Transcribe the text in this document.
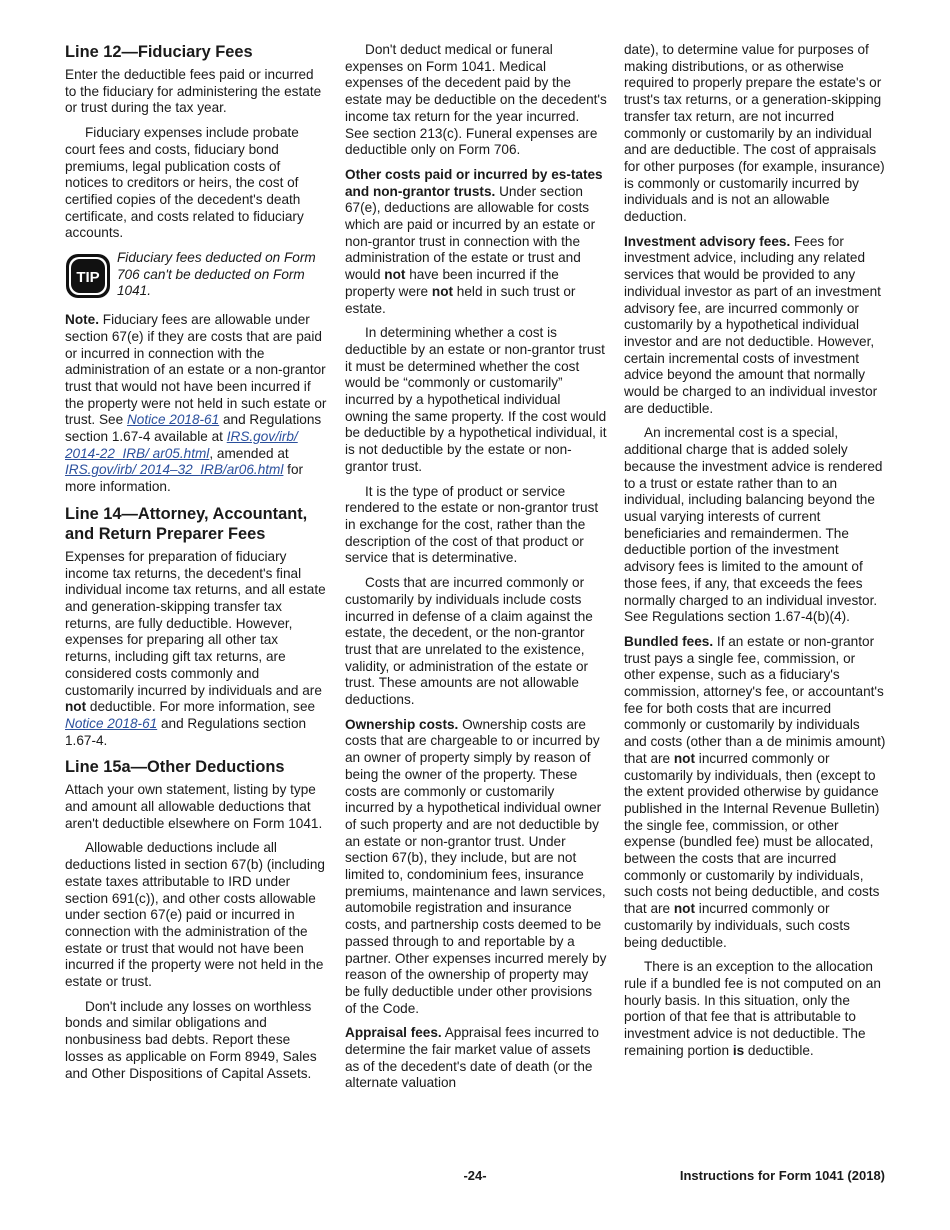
Line 12—Fiduciary Fees

Enter the deductible fees paid or incurred to the fiduciary for administering the estate or trust during the tax year.

Fiduciary expenses include probate court fees and costs, fiduciary bond premiums, legal publication costs of notices to creditors or heirs, the cost of certified copies of the decedent's death certificate, and costs related to fiduciary accounts.

TIP
Fiduciary fees deducted on Form 706 can't be deducted on Form 1041.

Note. Fiduciary fees are allowable under section 67(e) if they are costs that are paid or incurred in connection with the administration of an estate or a non-grantor trust that would not have been incurred if the property were not held in such estate or trust. See Notice 2018-61 and Regulations section 1.67-4 available at IRS.gov/irb/ 2014-22_IRB/ ar05.html, amended at IRS.gov/irb/ 2014–32_IRB/ar06.html for more information.

Line 14—Attorney, Accountant, and Return Preparer Fees

Expenses for preparation of fiduciary income tax returns, the decedent's final individual income tax returns, and all estate and generation-skipping transfer tax returns, are fully deductible. However, expenses for preparing all other tax returns, including gift tax returns, are considered costs commonly and customarily incurred by individuals and are not deductible. For more information, see Notice 2018-61 and Regulations section 1.67-4.

Line 15a—Other Deductions

Attach your own statement, listing by type and amount all allowable deductions that aren't deductible elsewhere on Form 1041.

Allowable deductions include all deductions listed in section 67(b) (including estate taxes attributable to IRD under section 691(c)), and other costs allowable under section 67(e) paid or incurred in connection with the administration of the estate or trust that would not have been incurred if the property were not held in the estate or trust.

Don't include any losses on worthless bonds and similar obligations and nonbusiness bad debts. Report these losses as applicable on Form 8949, Sales and Other Dispositions of Capital Assets.

Don't deduct medical or funeral expenses on Form 1041. Medical expenses of the decedent paid by the estate may be deductible on the decedent's income tax return for the year incurred. See section 213(c). Funeral expenses are deductible only on Form 706.

Other costs paid or incurred by es-tates and non-grantor trusts. Under section 67(e), deductions are allowable for costs which are paid or incurred by an estate or non-grantor trust in connection with the administration of the estate or trust and would not have been incurred if the property were not held in such trust or estate.

In determining whether a cost is deductible by an estate or non-grantor trust it must be determined whether the cost would be “commonly or customarily” incurred by a hypothetical individual owning the same property. If the cost would be deductible by a hypothetical individual, it is not deductible by the estate or non-grantor trust.

It is the type of product or service rendered to the estate or non-grantor trust in exchange for the cost, rather than the description of the cost of that product or service that is determinative.

Costs that are incurred commonly or customarily by individuals include costs incurred in defense of a claim against the estate, the decedent, or the non-grantor trust that are unrelated to the existence, validity, or administration of the estate or trust. These amounts are not allowable deductions.

Ownership costs. Ownership costs are costs that are chargeable to or incurred by an owner of property simply by reason of being the owner of the property. These costs are commonly or customarily incurred by a hypothetical individual owner of such property and are not deductible by an estate or non-grantor trust. Under section 67(b), they include, but are not limited to, condominium fees, insurance premiums, maintenance and lawn services, automobile registration and insurance costs, and partnership costs deemed to be passed through to and reportable by a partner. Other expenses incurred merely by reason of the ownership of property may be fully deductible under other provisions of the Code.

Appraisal fees. Appraisal fees incurred to determine the fair market value of assets as of the decedent's date of death (or the alternate valuation

date), to determine value for purposes of making distributions, or as otherwise required to properly prepare the estate's or trust's tax returns, or a generation-skipping transfer tax return, are not incurred commonly or customarily by an individual and are deductible. The cost of appraisals for other purposes (for example, insurance) is commonly or customarily incurred by individuals and is not an allowable deduction.

Investment advisory fees. Fees for investment advice, including any related services that would be provided to any individual investor as part of an investment advisory fee, are incurred commonly or customarily by a hypothetical individual investor and are not deductible. However, certain incremental costs of investment advice beyond the amount that normally would be charged to an individual investor are deductible.

An incremental cost is a special, additional charge that is added solely because the investment advice is rendered to a trust or estate rather than to an individual, including balancing beyond the usual varying interests of current beneficiaries and remaindermen. The deductible portion of the investment advisory fees is limited to the amount of those fees, if any, that exceeds the fees normally charged to an individual investor. See Regulations section 1.67-4(b)(4).

Bundled fees. If an estate or non-grantor trust pays a single fee, commission, or other expense, such as a fiduciary's commission, attorney's fee, or accountant's fee for both costs that are incurred commonly or customarily by individuals and costs (other than a de minimis amount) that are not incurred commonly or customarily by individuals, then (except to the extent provided otherwise by guidance published in the Internal Revenue Bulletin) the single fee, commission, or other expense (bundled fee) must be allocated, between the costs that are incurred commonly or customarily by individuals, such costs not being deductible, and costs that are not incurred commonly or customarily by individuals, such costs being deductible.

There is an exception to the allocation rule if a bundled fee is not computed on an hourly basis. In this situation, only the portion of that fee that is attributable to investment advice is not deductible. The remaining portion is deductible.

-24-	Instructions for Form 1041 (2018)
